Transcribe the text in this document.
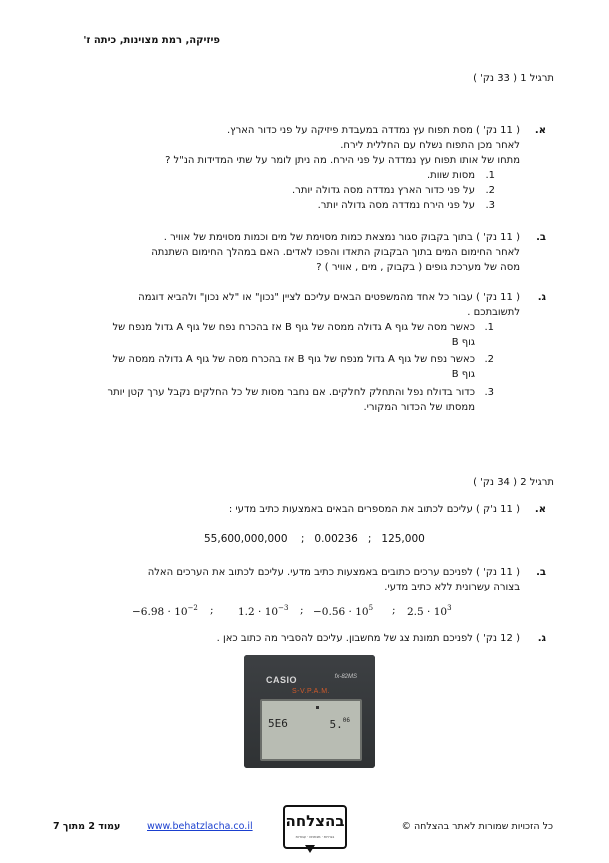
פיזיקה, רמת מצוינות, כיתה ז'
תרגיל 1 ( 33 נק' )
א.
( 11 נק' ) מסת תפוח עץ נמדדה במעבדת פיזיקה על פני כדור הארץ.
לאחר מכן התפוח נשלח עם החללית לירח.
מתחו של אותו תפוח עץ נמדדה על פני הירח. מה ניתן לומר על שתי המדידות הנ"ל ?
1.
מסות שוות.
2.
על פני כדור הארץ נמדדה מסה גדולה יותר.
3.
על פני הירח נמדדה מסה גדולה יותר.
ב.
( 11 נק' ) בתוך בקבוק סגור נמצאת כמות מסוימת של מים וכמות מסוימת של אוויר .
לאחר החימום המים בתוך הבקבוק התאדו והפכו לאדים. האם במהלך החימום השתנתה
מסה של מערכת גופים ( בקבוק , מים , אוויר ) ?
ג.
( 11 נק' ) עבור כל אחד מהמשפטים הבאים עליכם לציין "נכון" או "לא נכון" ולהביא דוגמה
לתשובתכם .
1.
כאשר מסה של גוף A גדולה ממסה של גוף B אז בהכרח נפח של גוף A גדול מנפח של
גוף B
2.
כאשר נפח של גוף A גדול מנפח של גוף B אז בהכרח מסה של גוף A גדולה ממסה של
גוף B
3.
כדור בדולח נפל והתחלק לחלקים. אם נחבר מסות של כל החלקים נקבל ערך קטן יותר
ממסתו של הכדור המקורי.
תרגיל 2 ( 34 נק' )
א.
( 11 נ'ק ) עליכם לכתוב את המספרים הבאים באמצעות כתיב מדעי :
55,600,000,000    ;   0.00236   ;   125,000
ב.
( 11 נק' ) לפניכם ערכים כתובים באמצעות כתיב מדעי. עליכם לכתוב את הערכים האלה
בצורה עשרונית ללא כתיב מדעי.
$-6.98 \cdot 10^{-2}$ ; $1.2 \cdot 10^{-3}$ ; $-0.56 \cdot 10^5$ ; $2.5 \cdot 10^3$
ג.
( 12 נק' ) לפניכם תמונת צג של מחשבון. עליכם להסביר מה כתוב כאן .
CASIO	fx-82MS
S-V.P.A.M.
5E6	5.06
כל הזכויות שמורות לאתר בהצלחה ©
בהצלחה
בגרויות · מבחנים · עבודות
www.behatzlacha.co.il
עמוד 2 מתוך 7
